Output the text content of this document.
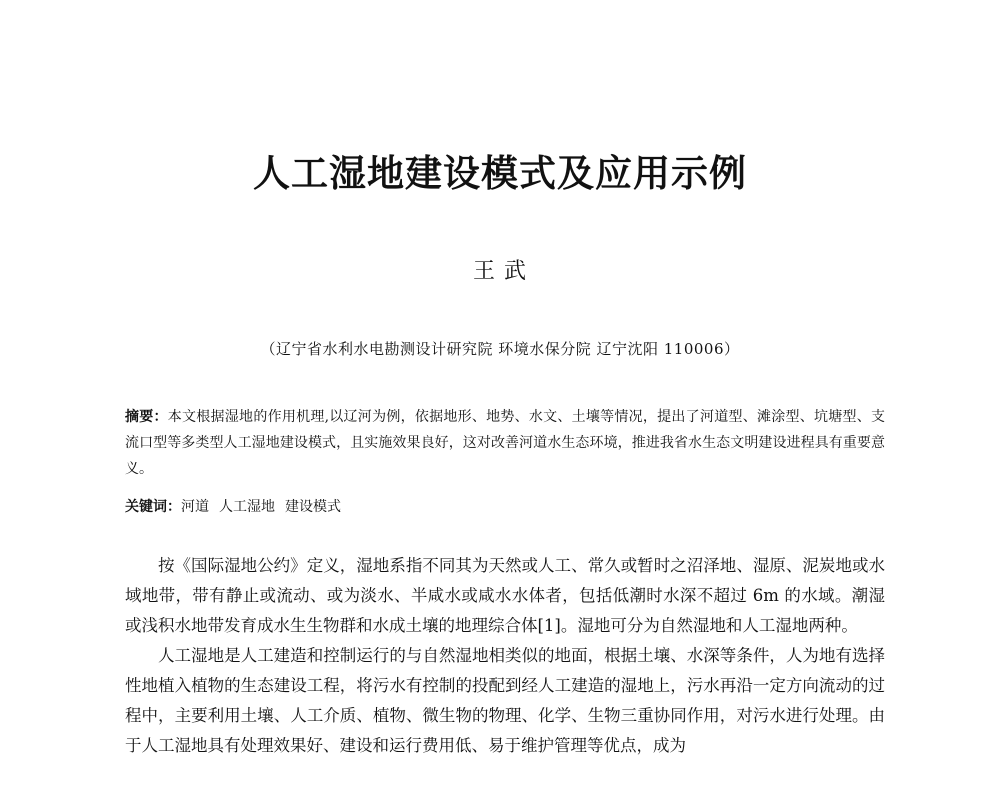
人工湿地建设模式及应用示例
王 武
（辽宁省水利水电勘测设计研究院 环境水保分院 辽宁沈阳 110006）
摘要：本文根据湿地的作用机理,以辽河为例，依据地形、地势、水文、土壤等情况，提出了河道型、滩涂型、坑塘型、支流口型等多类型人工湿地建设模式，且实施效果良好，这对改善河道水生态环境，推进我省水生态文明建设进程具有重要意义。
关键词：河道 人工湿地 建设模式

按《国际湿地公约》定义，湿地系指不同其为天然或人工、常久或暂时之沼泽地、湿原、泥炭地或水域地带，带有静止或流动、或为淡水、半咸水或咸水水体者，包括低潮时水深不超过 6m 的水域。潮湿或浅积水地带发育成水生生物群和水成土壤的地理综合体[1]。湿地可分为自然湿地和人工湿地两种。

人工湿地是人工建造和控制运行的与自然湿地相类似的地面，根据土壤、水深等条件，人为地有选择性地植入植物的生态建设工程，将污水有控制的投配到经人工建造的湿地上，污水再沿一定方向流动的过程中，主要利用土壤、人工介质、植物、微生物的物理、化学、生物三重协同作用，对污水进行处理。由于人工湿地具有处理效果好、建设和运行费用低、易于维护管理等优点，成为
